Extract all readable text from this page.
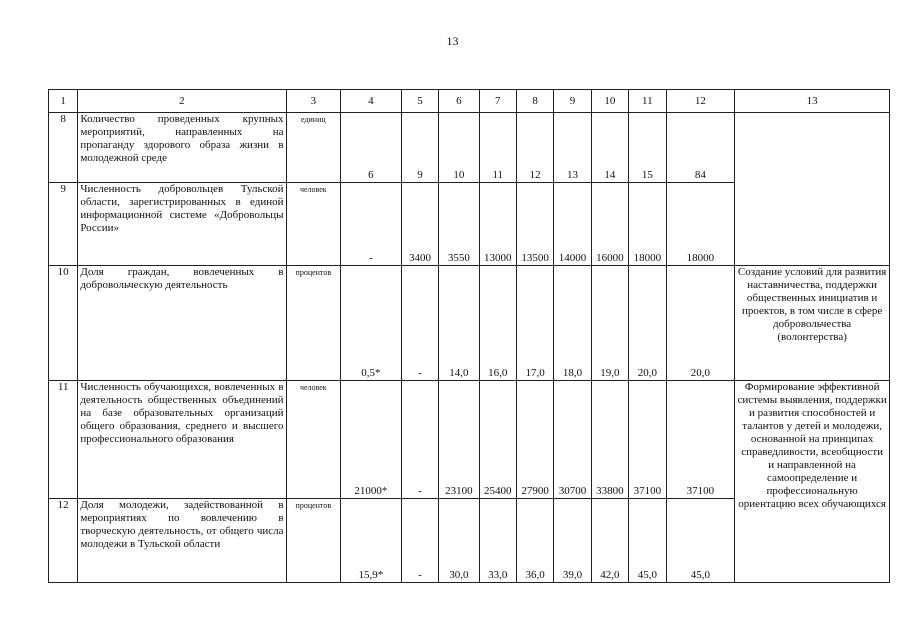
13
1	2	3	4	5	6	7	8	9	10	11	12	13
8	Количество проведенных крупных мероприятий, направленных на пропаганду здорового образа жизни в молодежной среде	единиц	6	9	10	11	12	13	14	15	84	
9	Численность добровольцев Тульской области, зарегистрированных в единой информационной системе «Добровольцы России»	человек	-	3400	3550	13000	13500	14000	16000	18000	18000	
10	Доля граждан, вовлеченных в добровольческую деятельность	процентов	0,5*	-	14,0	16,0	17,0	18,0	19,0	20,0	20,0	Создание условий для развития наставничества, поддержки общественных инициатив и проектов, в том числе в сфере добровольчества (волонтерства)
11	Численность обучающихся, вовлеченных в деятельность общественных объединений на базе образовательных организаций общего образования, среднего и высшего профессионального образования	человек	21000*	-	23100	25400	27900	30700	33800	37100	37100	Формирование эффективной системы выявления, поддержки и развития способностей и талантов у детей и молодежи, основанной на принципах справедливости, всеобщности и направленной на самоопределение и профессиональную ориентацию всех обучающихся
12	Доля молодежи, задействованной в мероприятиях по вовлечению в творческую деятельность, от общего числа молодежи в Тульской области	процентов	15,9*	-	30,0	33,0	36,0	39,0	42,0	45,0	45,0	
